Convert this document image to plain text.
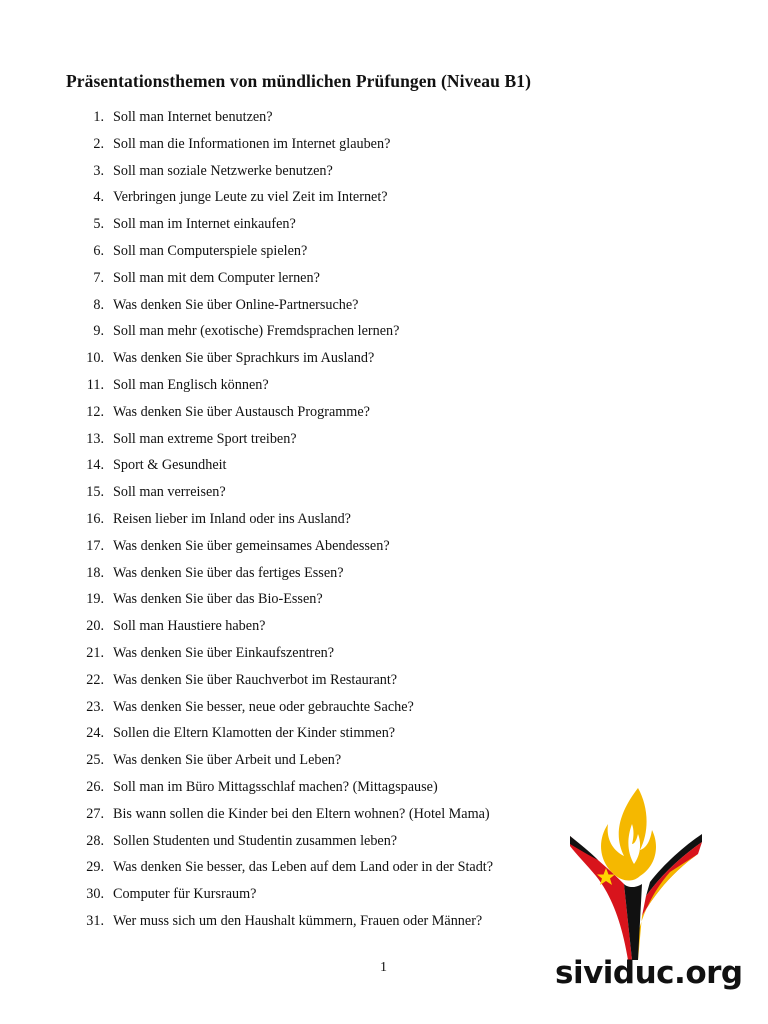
Präsentationsthemen von mündlichen Prüfungen (Niveau B1)
1. Soll man Internet benutzen?
2. Soll man die Informationen im Internet glauben?
3. Soll man soziale Netzwerke benutzen?
4. Verbringen junge Leute zu viel Zeit im Internet?
5. Soll man im Internet einkaufen?
6. Soll man Computerspiele spielen?
7. Soll man mit dem Computer lernen?
8. Was denken Sie über Online-Partnersuche?
9. Soll man mehr (exotische) Fremdsprachen lernen?
10. Was denken Sie über Sprachkurs im Ausland?
11. Soll man Englisch können?
12. Was denken Sie über Austausch Programme?
13. Soll man extreme Sport treiben?
14. Sport & Gesundheit
15. Soll man verreisen?
16. Reisen lieber im Inland oder ins Ausland?
17. Was denken Sie über gemeinsames Abendessen?
18. Was denken Sie über das fertiges Essen?
19. Was denken Sie über das Bio-Essen?
20. Soll man Haustiere haben?
21. Was denken Sie über Einkaufszentren?
22. Was denken Sie über Rauchverbot im Restaurant?
23. Was denken Sie besser, neue oder gebrauchte Sache?
24. Sollen die Eltern Klamotten der Kinder stimmen?
25. Was denken Sie über Arbeit und Leben?
26. Soll man im Büro Mittagsschlaf machen? (Mittagspause)
27. Bis wann sollen die Kinder bei den Eltern wohnen? (Hotel Mama)
28. Sollen Studenten und Studentin zusammen leben?
29. Was denken Sie besser, das Leben auf dem Land oder in der Stadt?
30. Computer für Kursraum?
31. Wer muss sich um den Haushalt kümmern, Frauen oder Männer?
1	sividuc.org
